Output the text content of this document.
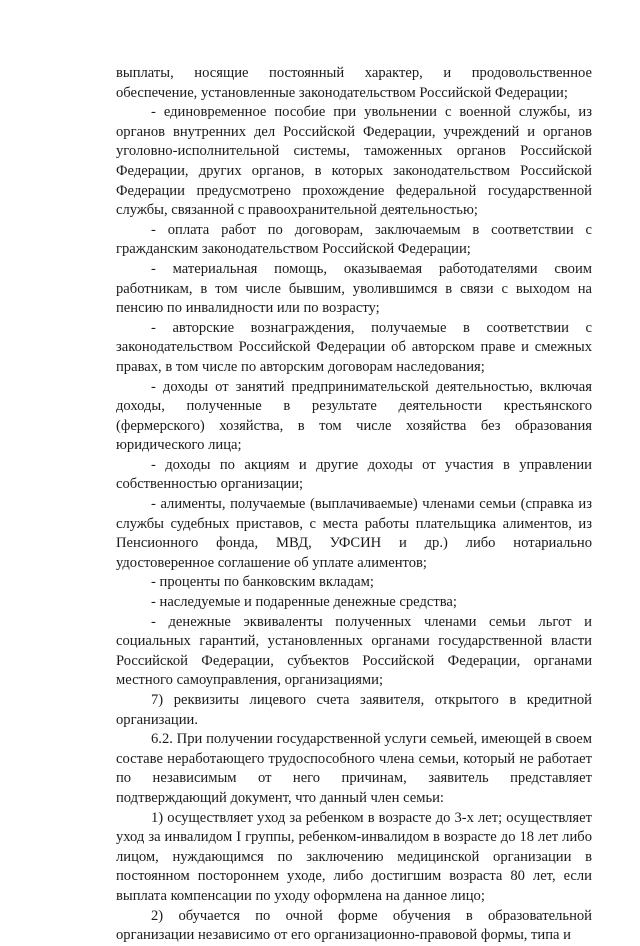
выплаты, носящие постоянный характер, и продовольственное обеспечение, установленные законодательством Российской Федерации;

- единовременное пособие при увольнении с военной службы, из органов внутренних дел Российской Федерации, учреждений и органов уголовно-исполнительной системы, таможенных органов Российской Федерации, других органов, в которых законодательством Российской Федерации предусмотрено прохождение федеральной государственной службы, связанной с правоохранительной деятельностью;

- оплата работ по договорам, заключаемым в соответствии с гражданским законодательством Российской Федерации;

- материальная помощь, оказываемая работодателями своим работникам, в том числе бывшим, уволившимся в связи с выходом на пенсию по инвалидности или по возрасту;

- авторские вознаграждения, получаемые в соответствии с законодательством Российской Федерации об авторском праве и смежных правах, в том числе по авторским договорам наследования;

- доходы от занятий предпринимательской деятельностью, включая доходы, полученные в результате деятельности крестьянского (фермерского) хозяйства, в том числе хозяйства без образования юридического лица;

- доходы по акциям и другие доходы от участия в управлении собственностью организации;

- алименты, получаемые (выплачиваемые) членами семьи (справка из службы судебных приставов, с места работы плательщика алиментов, из Пенсионного фонда, МВД, УФСИН и др.) либо нотариально удостоверенное соглашение об уплате алиментов;

- проценты по банковским вкладам;

- наследуемые и подаренные денежные средства;

- денежные эквиваленты полученных членами семьи льгот и социальных гарантий, установленных органами государственной власти Российской Федерации, субъектов Российской Федерации, органами местного самоуправления, организациями;

7) реквизиты лицевого счета заявителя, открытого в кредитной организации.

6.2. При получении государственной услуги семьей, имеющей в своем составе неработающего трудоспособного члена семьи, который не работает по независимым от него причинам, заявитель представляет подтверждающий документ, что данный член семьи:

1) осуществляет уход за ребенком в возрасте до 3-х лет; осуществляет уход за инвалидом I группы, ребенком-инвалидом в возрасте до 18 лет либо лицом, нуждающимся по заключению медицинской организации в постоянном постороннем уходе, либо достигшим возраста 80 лет, если выплата компенсации по уходу оформлена на данное лицо;

2) обучается по очной форме обучения в образовательной организации независимо от его организационно-правовой формы, типа и
